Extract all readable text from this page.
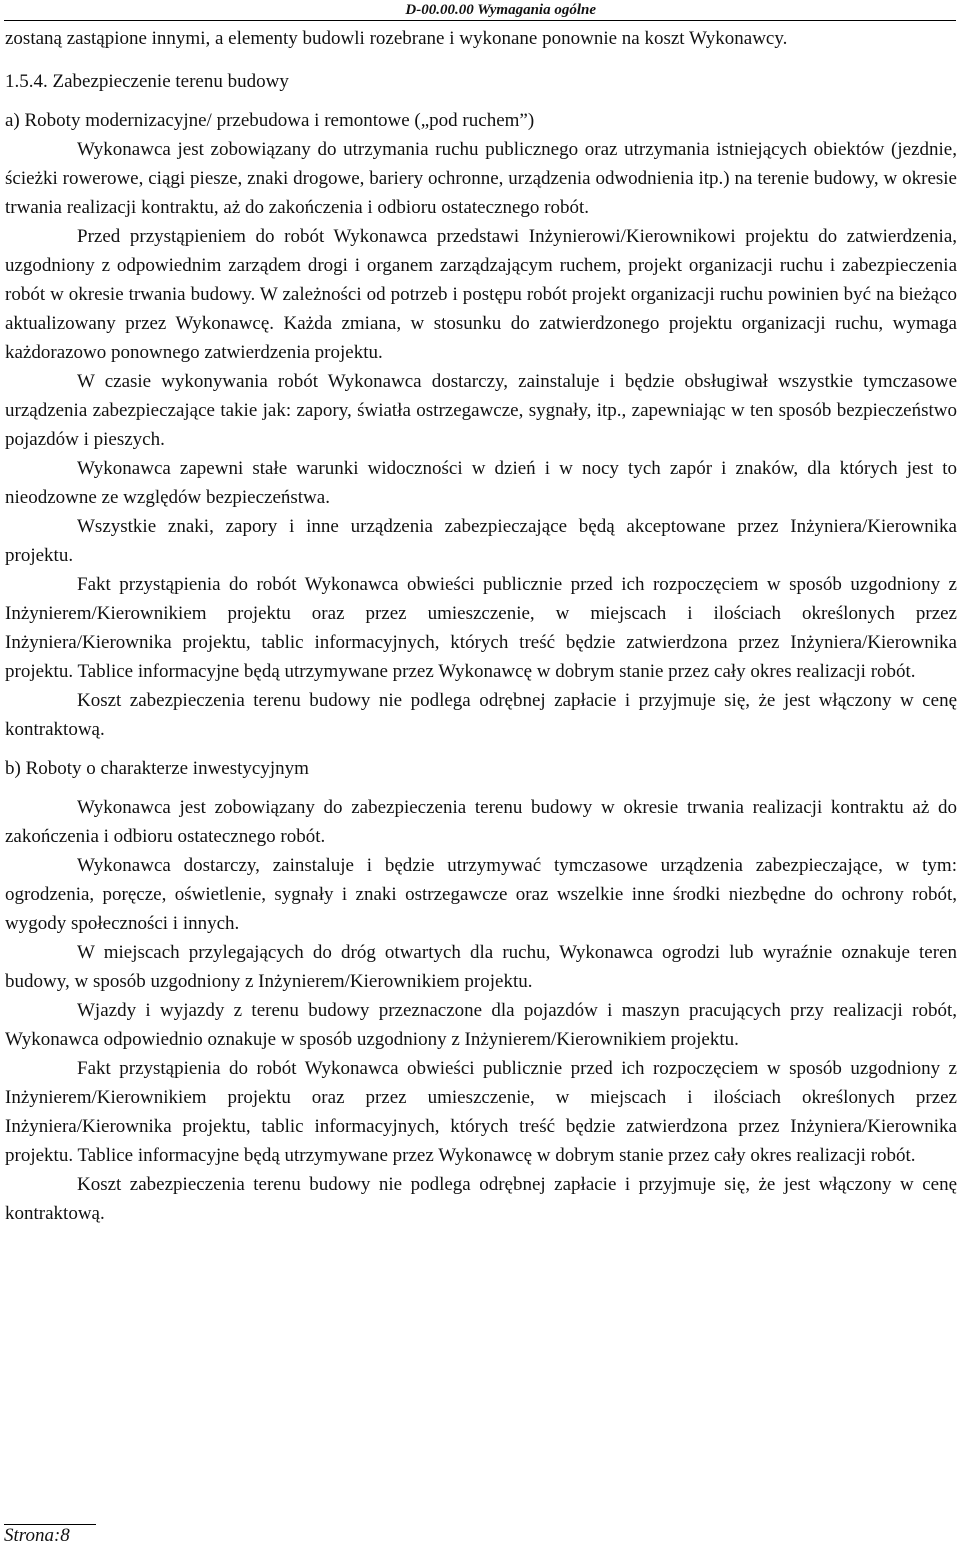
D-00.00.00 Wymagania ogólne

zostaną zastąpione innymi, a elementy budowli rozebrane i wykonane ponownie na koszt Wykonawcy.

1.5.4. Zabezpieczenie terenu budowy

a) Roboty modernizacyjne/ przebudowa i remontowe („pod ruchem”)

Wykonawca jest zobowiązany do utrzymania ruchu publicznego oraz utrzymania istniejących obiektów (jezdnie, ścieżki rowerowe, ciągi piesze, znaki drogowe, bariery ochronne, urządzenia odwodnienia itp.) na terenie budowy, w okresie trwania realizacji kontraktu, aż do zakończenia i odbioru ostatecznego robót.

Przed przystąpieniem do robót Wykonawca przedstawi Inżynierowi/Kierownikowi projektu do zatwierdzenia, uzgodniony z odpowiednim zarządem drogi i organem zarządzającym ruchem, projekt organizacji ruchu i zabezpieczenia robót w okresie trwania budowy. W zależności od potrzeb i postępu robót projekt organizacji ruchu powinien być na bieżąco aktualizowany przez Wykonawcę. Każda zmiana, w stosunku do zatwierdzonego projektu organizacji ruchu, wymaga każdorazowo ponownego zatwierdzenia projektu.

W czasie wykonywania robót Wykonawca dostarczy, zainstaluje i będzie obsługiwał wszystkie tymczasowe urządzenia zabezpieczające takie jak: zapory, światła ostrzegawcze, sygnały, itp., zapewniając w ten sposób bezpieczeństwo pojazdów i pieszych.

Wykonawca zapewni stałe warunki widoczności w dzień i w nocy tych zapór i znaków, dla których jest to nieodzowne ze względów bezpieczeństwa.

Wszystkie znaki, zapory i inne urządzenia zabezpieczające będą akceptowane przez Inżyniera/Kierownika projektu.

Fakt przystąpienia do robót Wykonawca obwieści publicznie przed ich rozpoczęciem w sposób uzgodniony z Inżynierem/Kierownikiem projektu oraz przez umieszczenie, w miejscach i ilościach określonych przez Inżyniera/Kierownika projektu, tablic informacyjnych, których treść będzie zatwierdzona przez Inżyniera/Kierownika projektu. Tablice informacyjne będą utrzymywane przez Wykonawcę w dobrym stanie przez cały okres realizacji robót.

Koszt zabezpieczenia terenu budowy nie podlega odrębnej zapłacie i przyjmuje się, że jest włączony w cenę kontraktową.

b) Roboty o charakterze inwestycyjnym

Wykonawca jest zobowiązany do zabezpieczenia terenu budowy w okresie trwania realizacji kontraktu aż do zakończenia i odbioru ostatecznego robót.

Wykonawca dostarczy, zainstaluje i będzie utrzymywać tymczasowe urządzenia zabezpieczające, w tym: ogrodzenia, poręcze, oświetlenie, sygnały i znaki ostrzegawcze oraz wszelkie inne środki niezbędne do ochrony robót, wygody społeczności i innych.

W miejscach przylegających do dróg otwartych dla ruchu, Wykonawca ogrodzi lub wyraźnie oznakuje teren budowy, w sposób uzgodniony z Inżynierem/Kierownikiem projektu.

Wjazdy i wyjazdy z terenu budowy przeznaczone dla pojazdów i maszyn pracujących przy realizacji robót, Wykonawca odpowiednio oznakuje w sposób uzgodniony z Inżynierem/Kierownikiem projektu.

Fakt przystąpienia do robót Wykonawca obwieści publicznie przed ich rozpoczęciem w sposób uzgodniony z Inżynierem/Kierownikiem projektu oraz przez umieszczenie, w miejscach i ilościach określonych przez Inżyniera/Kierownika projektu, tablic informacyjnych, których treść będzie zatwierdzona przez Inżyniera/Kierownika projektu. Tablice informacyjne będą utrzymywane przez Wykonawcę w dobrym stanie przez cały okres realizacji robót.

Koszt zabezpieczenia terenu budowy nie podlega odrębnej zapłacie i przyjmuje się, że jest włączony w cenę kontraktową.

Strona:8
